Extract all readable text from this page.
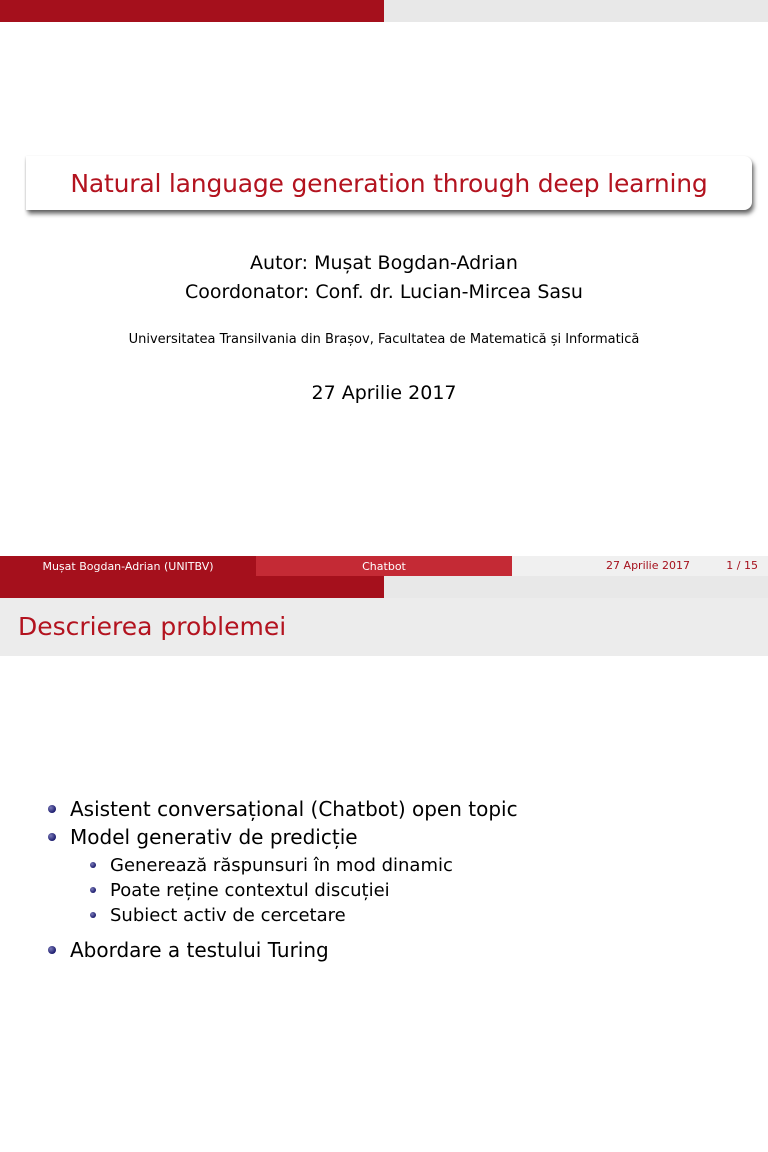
Natural language generation through deep learning
Autor: Mușat Bogdan-Adrian
Coordonator: Conf. dr. Lucian-Mircea Sasu
Universitatea Transilvania din Brașov, Facultatea de Matematică și Informatică
27 Aprilie 2017
Mușat Bogdan-Adrian (UNITBV)	Chatbot	27 Aprilie 2017	1 / 15
Descrierea problemei
Asistent conversațional (Chatbot) open topic
Model generativ de predicție
Generează răspunsuri în mod dinamic
Poate reține contextul discuției
Subiect activ de cercetare
Abordare a testului Turing
